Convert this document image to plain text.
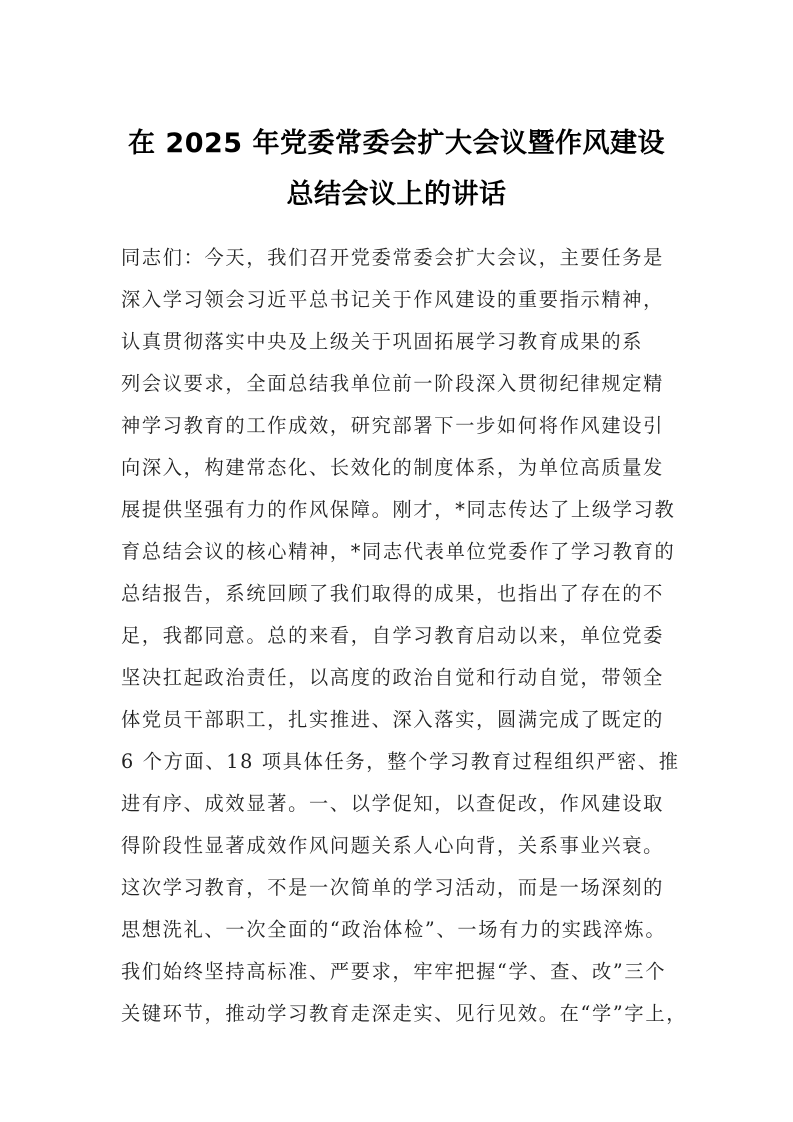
在 2025 年党委常委会扩大会议暨作风建设
总结会议上的讲话
同志们：今天，我们召开党委常委会扩大会议，主要任务是
深入学习领会习近平总书记关于作风建设的重要指示精神，
认真贯彻落实中央及上级关于巩固拓展学习教育成果的系
列会议要求，全面总结我单位前一阶段深入贯彻纪律规定精
神学习教育的工作成效，研究部署下一步如何将作风建设引
向深入，构建常态化、长效化的制度体系，为单位高质量发
展提供坚强有力的作风保障。刚才，*同志传达了上级学习教
育总结会议的核心精神，*同志代表单位党委作了学习教育的
总结报告，系统回顾了我们取得的成果，也指出了存在的不
足，我都同意。总的来看，自学习教育启动以来，单位党委
坚决扛起政治责任，以高度的政治自觉和行动自觉，带领全
体党员干部职工，扎实推进、深入落实，圆满完成了既定的
6 个方面、18 项具体任务，整个学习教育过程组织严密、推
进有序、成效显著。一、以学促知，以查促改，作风建设取
得阶段性显著成效作风问题关系人心向背，关系事业兴衰。
这次学习教育，不是一次简单的学习活动，而是一场深刻的
思想洗礼、一次全面的“政治体检”、一场有力的实践淬炼。
我们始终坚持高标准、严要求，牢牢把握“学、查、改”三个
关键环节，推动学习教育走深走实、见行见效。在“学”字上，
